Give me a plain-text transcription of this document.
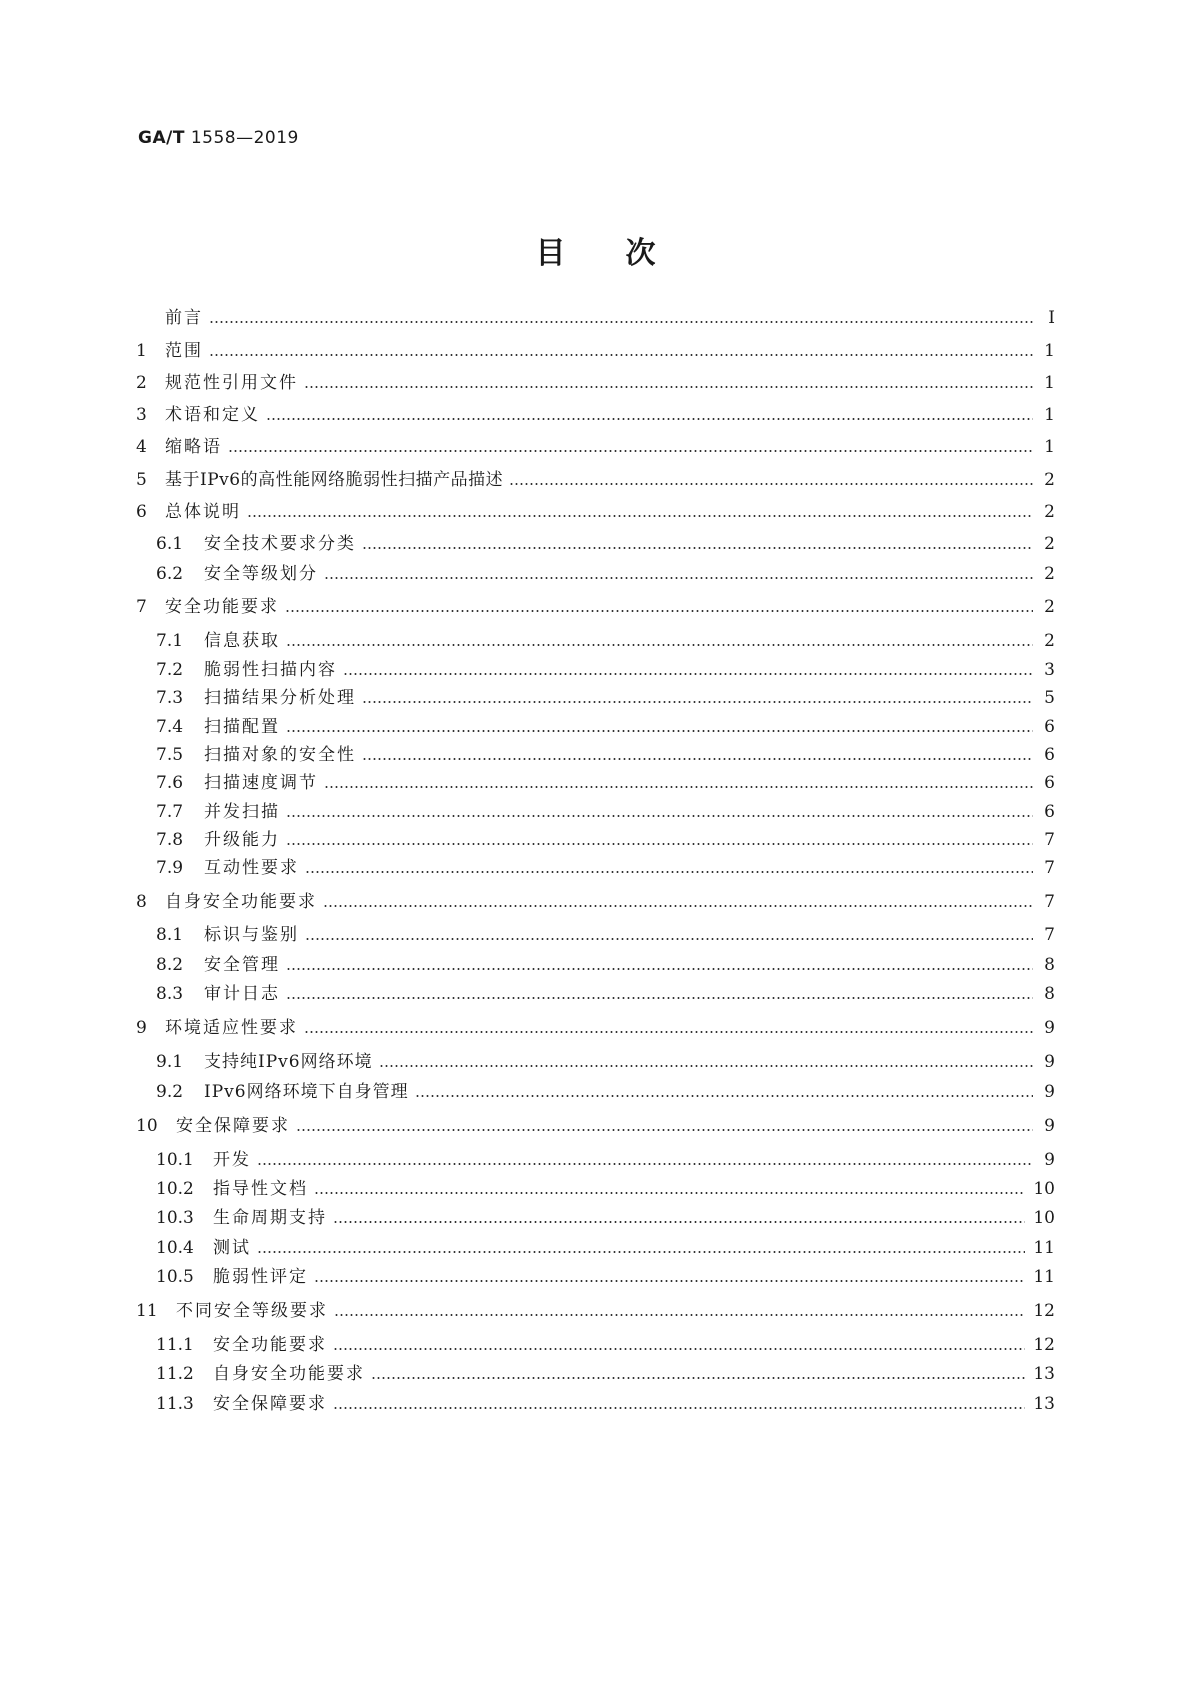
GA/T 1558—2019
目次
前言	Ⅰ
1	范围	1
2	规范性引用文件	1
3	术语和定义	1
4	缩略语	1
5	基于IPv6的高性能网络脆弱性扫描产品描述	2
6	总体说明	2
6.1	安全技术要求分类	2
6.2	安全等级划分	2
7	安全功能要求	2
7.1	信息获取	2
7.2	脆弱性扫描内容	3
7.3	扫描结果分析处理	5
7.4	扫描配置	6
7.5	扫描对象的安全性	6
7.6	扫描速度调节	6
7.7	并发扫描	6
7.8	升级能力	7
7.9	互动性要求	7
8	自身安全功能要求	7
8.1	标识与鉴别	7
8.2	安全管理	8
8.3	审计日志	8
9	环境适应性要求	9
9.1	支持纯IPv6网络环境	9
9.2	IPv6网络环境下自身管理	9
10	安全保障要求	9
10.1	开发	9
10.2	指导性文档	10
10.3	生命周期支持	10
10.4	测试	11
10.5	脆弱性评定	11
11	不同安全等级要求	12
11.1	安全功能要求	12
11.2	自身安全功能要求	13
11.3	安全保障要求	13
